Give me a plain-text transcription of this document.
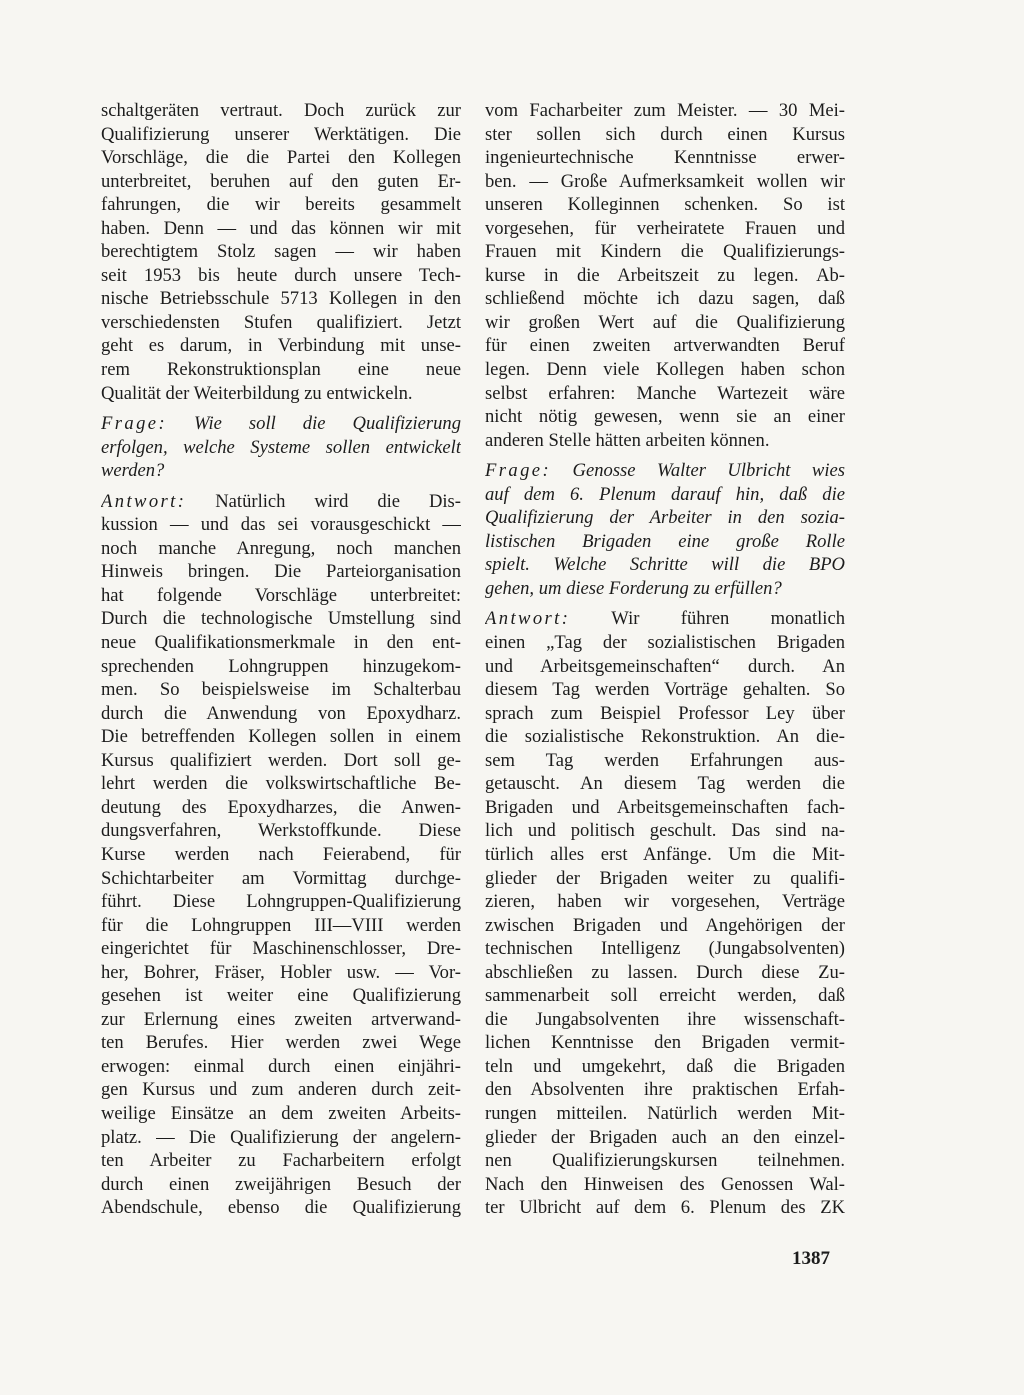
schaltgeräten vertraut. Doch zurück zur
Qualifizierung unserer Werktätigen. Die
Vorschläge, die die Partei den Kollegen
unterbreitet, beruhen auf den guten Er-
fahrungen, die wir bereits gesammelt
haben. Denn — und das können wir mit
berechtigtem Stolz sagen — wir haben
seit 1953 bis heute durch unsere Tech-
nische Betriebsschule 5713 Kollegen in den
verschiedensten Stufen qualifiziert. Jetzt
geht es darum, in Verbindung mit unse-
rem Rekonstruktionsplan eine neue
Qualität der Weiterbildung zu entwickeln.
Frage: Wie soll die Qualifizierung
erfolgen, welche Systeme sollen entwickelt
werden?
Antwort: Natürlich wird die Dis-
kussion — und das sei vorausgeschickt —
noch manche Anregung, noch manchen
Hinweis bringen. Die Parteiorganisation
hat folgende Vorschläge unterbreitet:
Durch die technologische Umstellung sind
neue Qualifikationsmerkmale in den ent-
sprechenden Lohngruppen hinzugekom-
men. So beispielsweise im Schalterbau
durch die Anwendung von Epoxydharz.
Die betreffenden Kollegen sollen in einem
Kursus qualifiziert werden. Dort soll ge-
lehrt werden die volkswirtschaftliche Be-
deutung des Epoxydharzes, die Anwen-
dungsverfahren, Werkstoffkunde. Diese
Kurse werden nach Feierabend, für
Schichtarbeiter am Vormittag durchge-
führt. Diese Lohngruppen-Qualifizierung
für die Lohngruppen III—VIII werden
eingerichtet für Maschinenschlosser, Dre-
her, Bohrer, Fräser, Hobler usw. — Vor-
gesehen ist weiter eine Qualifizierung
zur Erlernung eines zweiten artverwand-
ten Berufes. Hier werden zwei Wege
erwogen: einmal durch einen einjähri-
gen Kursus und zum anderen durch zeit-
weilige Einsätze an dem zweiten Arbeits-
platz. — Die Qualifizierung der angelern-
ten Arbeiter zu Facharbeitern erfolgt
durch einen zweijährigen Besuch der
Abendschule, ebenso die Qualifizierung
vom Facharbeiter zum Meister. — 30 Mei-
ster sollen sich durch einen Kursus
ingenieurtechnische Kenntnisse erwer-
ben. — Große Aufmerksamkeit wollen wir
unseren Kolleginnen schenken. So ist
vorgesehen, für verheiratete Frauen und
Frauen mit Kindern die Qualifizierungs-
kurse in die Arbeitszeit zu legen. Ab-
schließend möchte ich dazu sagen, daß
wir großen Wert auf die Qualifizierung
für einen zweiten artverwandten Beruf
legen. Denn viele Kollegen haben schon
selbst erfahren: Manche Wartezeit wäre
nicht nötig gewesen, wenn sie an einer
anderen Stelle hätten arbeiten können.
Frage: Genosse Walter Ulbricht wies
auf dem 6. Plenum darauf hin, daß die
Qualifizierung der Arbeiter in den sozia-
listischen Brigaden eine große Rolle
spielt. Welche Schritte will die BPO
gehen, um diese Forderung zu erfüllen?
Antwort: Wir führen monatlich
einen „Tag der sozialistischen Brigaden
und Arbeitsgemeinschaften“ durch. An
diesem Tag werden Vorträge gehalten. So
sprach zum Beispiel Professor Ley über
die sozialistische Rekonstruktion. An die-
sem Tag werden Erfahrungen aus-
getauscht. An diesem Tag werden die
Brigaden und Arbeitsgemeinschaften fach-
lich und politisch geschult. Das sind na-
türlich alles erst Anfänge. Um die Mit-
glieder der Brigaden weiter zu qualifi-
zieren, haben wir vorgesehen, Verträge
zwischen Brigaden und Angehörigen der
technischen Intelligenz (Jungabsolventen)
abschließen zu lassen. Durch diese Zu-
sammenarbeit soll erreicht werden, daß
die Jungabsolventen ihre wissenschaft-
lichen Kenntnisse den Brigaden vermit-
teln und umgekehrt, daß die Brigaden
den Absolventen ihre praktischen Erfah-
rungen mitteilen. Natürlich werden Mit-
glieder der Brigaden auch an den einzel-
nen Qualifizierungskursen teilnehmen.
Nach den Hinweisen des Genossen Wal-
ter Ulbricht auf dem 6. Plenum des ZK
1387
